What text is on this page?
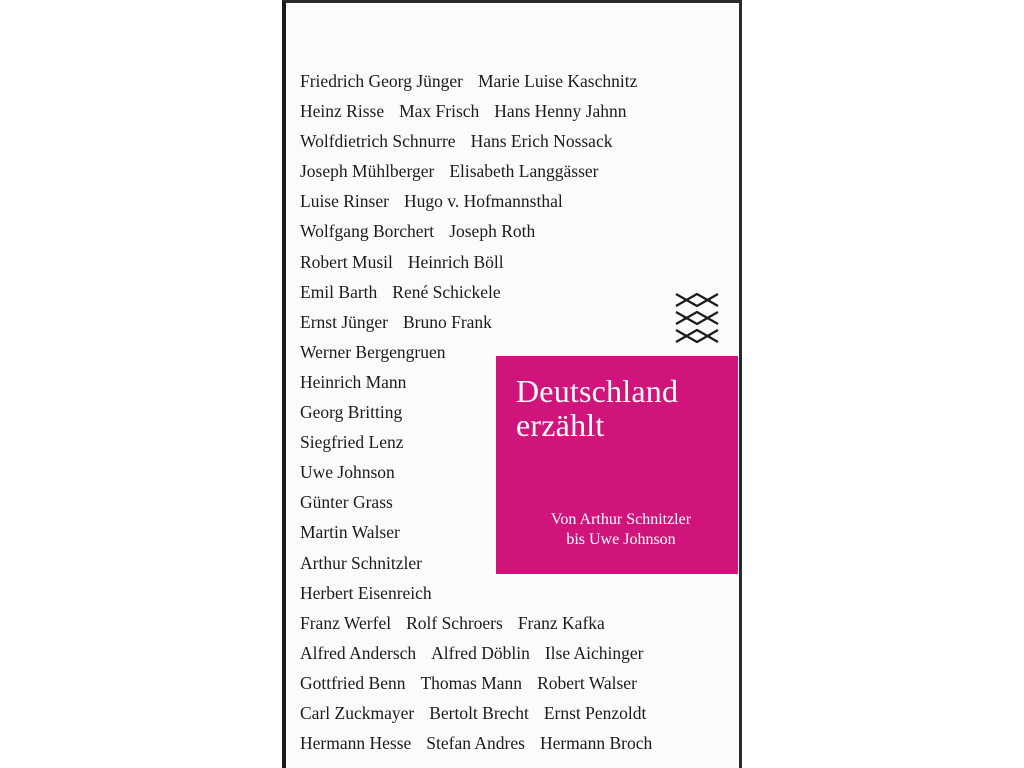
Friedrich Georg Jünger Marie Luise Kaschnitz
Heinz Risse Max Frisch Hans Henny Jahnn
Wolfdietrich Schnurre Hans Erich Nossack
Joseph Mühlberger Elisabeth Langgässer
Luise Rinser Hugo v. Hofmannsthal
Wolfgang Borchert Joseph Roth
Robert Musil Heinrich Böll
Emil Barth René Schickele
Ernst Jünger Bruno Frank
Werner Bergengruen
Heinrich Mann
Georg Britting
Siegfried Lenz
Uwe Johnson
Günter Grass
Martin Walser
Arthur Schnitzler
Herbert Eisenreich
Franz Werfel Rolf Schroers Franz Kafka
Alfred Andersch Alfred Döblin Ilse Aichinger
Gottfried Benn Thomas Mann Robert Walser
Carl Zuckmayer Bertolt Brecht Ernst Penzoldt
Hermann Hesse Stefan Andres Hermann Broch
Deutschland
erzählt
Von Arthur Schnitzler
bis Uwe Johnson
